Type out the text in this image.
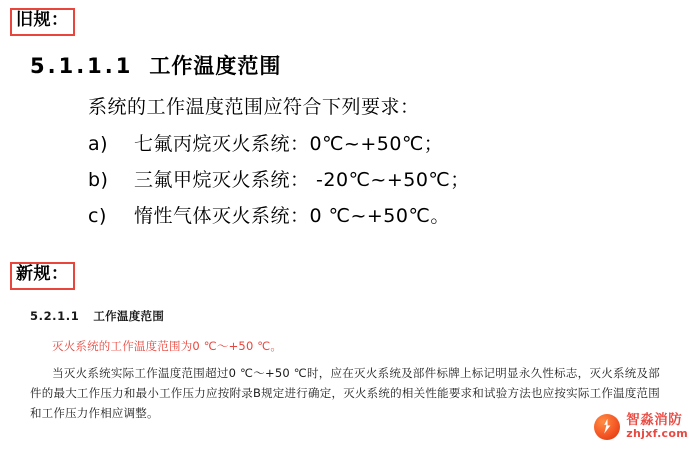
旧规：
5.1.1.1 工作温度范围
系统的工作温度范围应符合下列要求：
a)	七氟丙烷灭火系统：0℃~+50℃；
b)	三氟甲烷灭火系统： -20℃~+50℃；
c)	惰性气体灭火系统：0 ℃~+50℃。
新规：
5.2.1.1 工作温度范围
灭火系统的工作温度范围为0 ℃～+50 ℃。
当灭火系统实际工作温度范围超过0 ℃～+50 ℃时，应在灭火系统及部件标牌上标记明显永久性标志，灭火系统及部件的最大工作压力和最小工作压力应按附录B规定进行确定，灭火系统的相关性能要求和试验方法也应按实际工作温度范围和工作压力作相应调整。	智淼消防
zhjxf.com
